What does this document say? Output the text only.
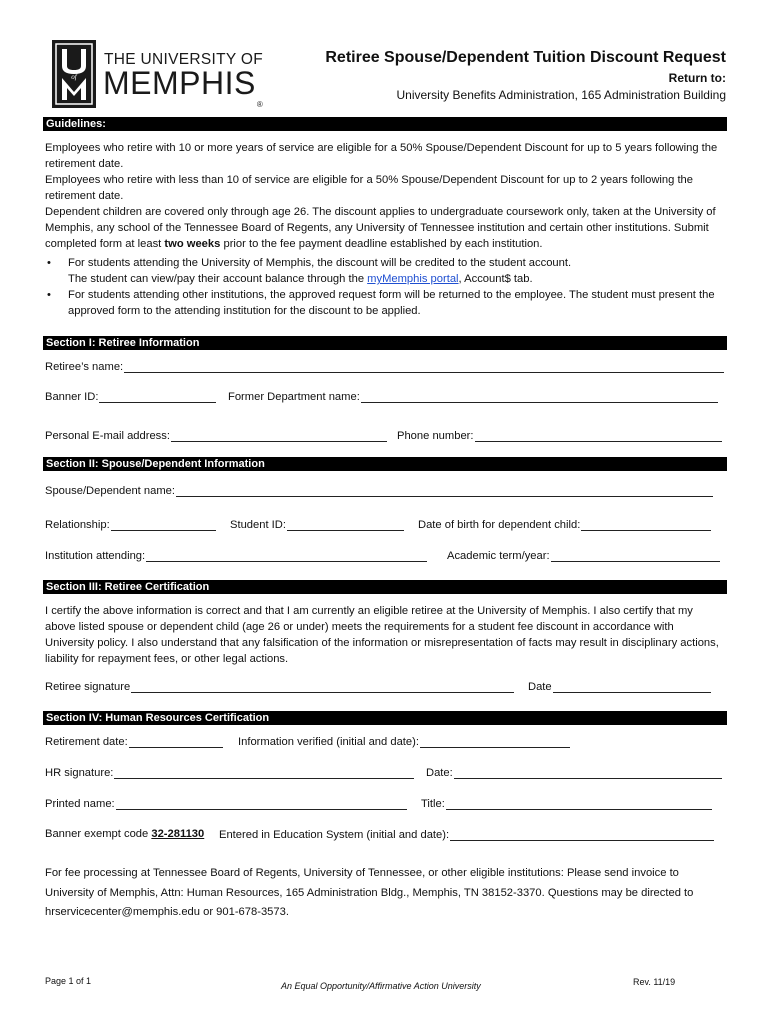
of
THE UNIVERSITY OF
MEMPHIS®
Retiree Spouse/Dependent Tuition Discount Request
Return to:
University Benefits Administration, 165 Administration Building
Guidelines:
Employees who retire with 10 or more years of service are eligible for a 50% Spouse/Dependent Discount for up to 5 years following the retirement date.
Employees who retire with less than 10 of service are eligible for a 50% Spouse/Dependent Discount for up to 2 years following the retirement date.
Dependent children are covered only through age 26. The discount applies to undergraduate coursework only, taken at the University of Memphis, any school of the Tennessee Board of Regents, any University of Tennessee institution and certain other institutions. Submit completed form at least two weeks prior to the fee payment deadline established by each institution.
• For students attending the University of Memphis, the discount will be credited to the student account.
The student can view/pay their account balance through the myMemphis portal, Account$ tab.
• For students attending other institutions, the approved request form will be returned to the employee. The student must present the approved form to the attending institution for the discount to be applied.
Section I: Retiree Information
Retiree’s name:
Banner ID:	Former Department name:
Personal E-mail address:	Phone number:
Section II: Spouse/Dependent Information
Spouse/Dependent name:
Relationship:	Student ID:	Date of birth for dependent child:
Institution attending:	Academic term/year:
Section III: Retiree Certification
I certify the above information is correct and that I am currently an eligible retiree at the University of Memphis. I also certify that my above listed spouse or dependent child (age 26 or under) meets the requirements for a student fee discount in accordance with University policy. I also understand that any falsification of the information or misrepresentation of facts may result in disciplinary actions, liability for repayment fees, or other legal actions.
Retiree signature	Date
Section IV: Human Resources Certification
Retirement date:	Information verified (initial and date):
HR signature:	Date:
Printed name:	Title:
Banner exempt code 32-281130 Entered in Education System (initial and date):
For fee processing at Tennessee Board of Regents, University of Tennessee, or other eligible institutions: Please send invoice to
University of Memphis, Attn: Human Resources, 165 Administration Bldg., Memphis, TN 38152-3370. Questions may be directed to
hrservicecenter@memphis.edu or 901-678-3573.
Page 1 of 1	An Equal Opportunity/Affirmative Action University	Rev. 11/19
